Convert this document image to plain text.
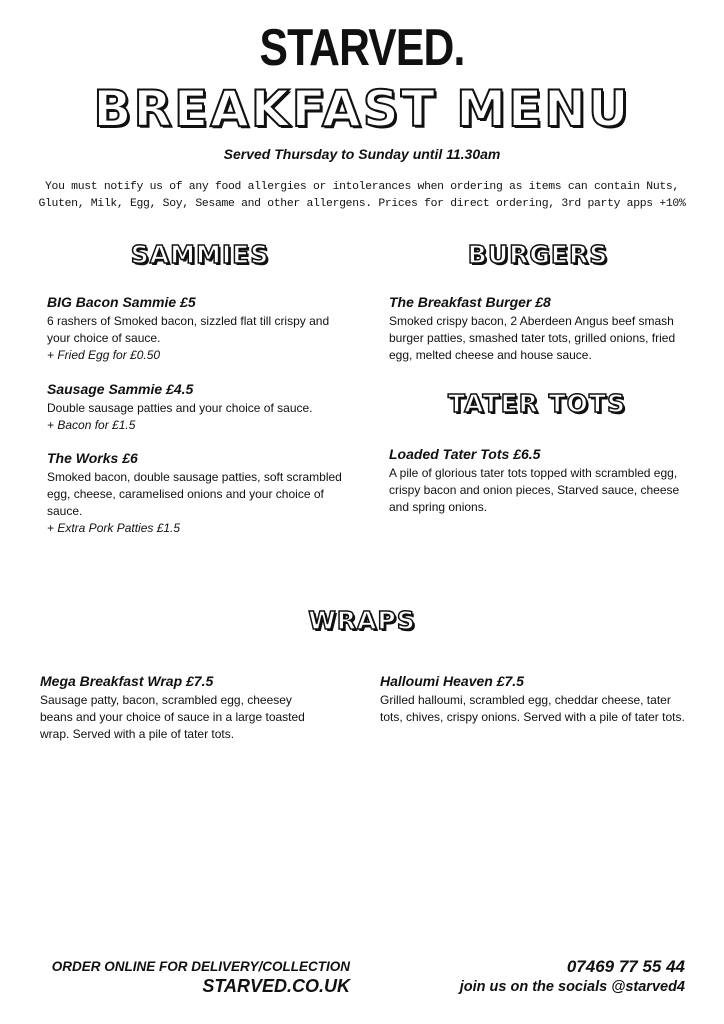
STARVED.
BREAKFAST MENU
Served Thursday to Sunday until 11.30am
You must notify us of any food allergies or intolerances when ordering as items can contain Nuts, Gluten, Milk, Egg, Soy, Sesame and other allergens. Prices for direct ordering, 3rd party apps +10%
SAMMIES	BURGERS
BIG Bacon Sammie £5
6 rashers of Smoked bacon, sizzled flat till crispy and your choice of sauce.
+ Fried Egg for £0.50
Sausage Sammie £4.5
Double sausage patties and your choice of sauce.
+ Bacon for £1.5
The Works £6
Smoked bacon, double sausage patties, soft scrambled egg, cheese, caramelised onions and your choice of sauce.
+ Extra Pork Patties £1.5
The Breakfast Burger £8
Smoked crispy bacon, 2 Aberdeen Angus beef smash burger patties, smashed tater tots, grilled onions, fried egg, melted cheese and house sauce.
TATER TOTS
Loaded Tater Tots £6.5
A pile of glorious tater tots topped with scrambled egg, crispy bacon and onion pieces, Starved sauce, cheese and spring onions.
WRAPS
Mega Breakfast Wrap £7.5
Sausage patty, bacon, scrambled egg, cheesey beans and your choice of sauce in a large toasted wrap. Served with a pile of tater tots.
Halloumi Heaven £7.5
Grilled halloumi, scrambled egg, cheddar cheese, tater tots, chives, crispy onions. Served with a pile of tater tots.
ORDER ONLINE FOR DELIVERY/COLLECTION
STARVED.CO.UK
07469 77 55 44
join us on the socials @starved4
